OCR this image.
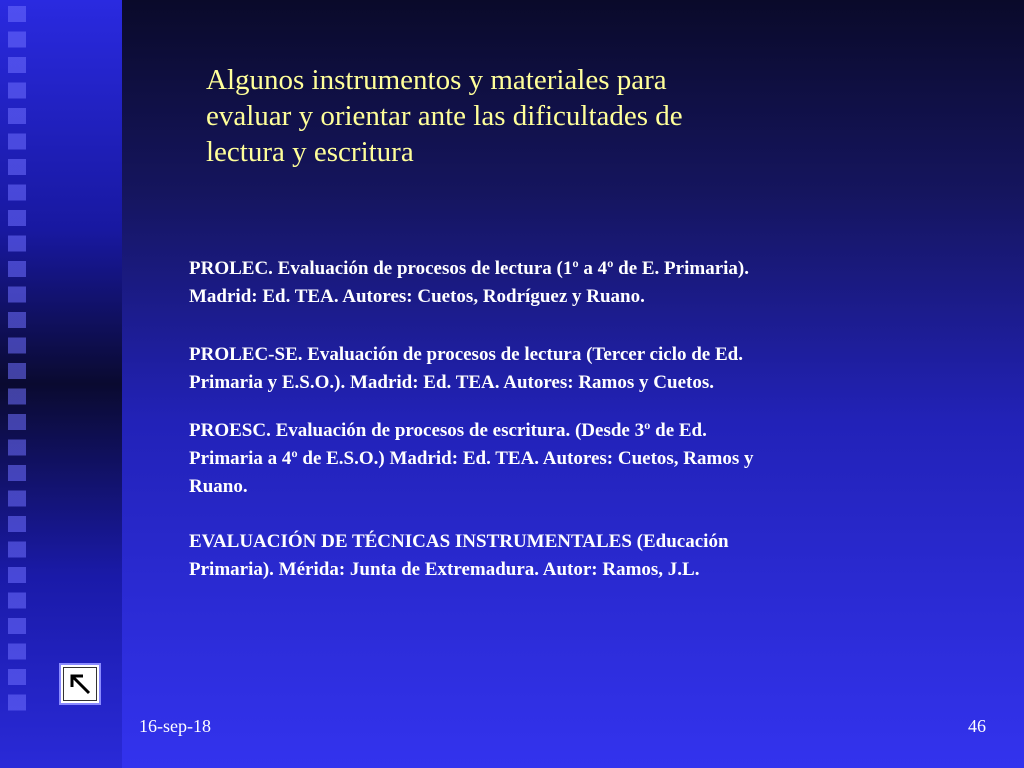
Algunos instrumentos y materiales para
evaluar y orientar ante las dificultades de
lectura y escritura
PROLEC. Evaluación de procesos de lectura (1º a 4º de E. Primaria).
Madrid: Ed. TEA. Autores: Cuetos, Rodríguez y Ruano.
PROLEC-SE. Evaluación de procesos de lectura (Tercer ciclo de Ed.
Primaria y E.S.O.). Madrid: Ed. TEA. Autores: Ramos y Cuetos.
PROESC. Evaluación de procesos de escritura. (Desde 3º de Ed.
Primaria a 4º de E.S.O.) Madrid: Ed. TEA. Autores: Cuetos, Ramos y
Ruano.
EVALUACIÓN DE TÉCNICAS INSTRUMENTALES (Educación
Primaria). Mérida: Junta de Extremadura. Autor: Ramos, J.L.
16-sep-18	46
